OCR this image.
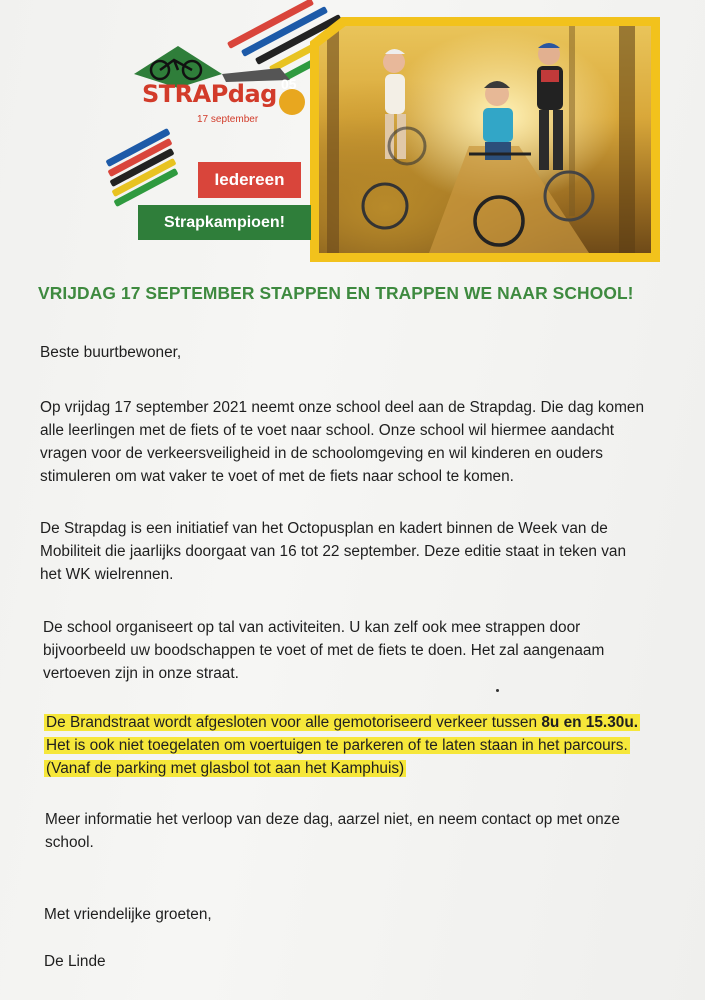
STRAPdag 05
17 september
Iedereen
Strapkampioen!
VRIJDAG 17 SEPTEMBER STAPPEN EN TRAPPEN WE NAAR SCHOOL!
Beste buurtbewoner,
Op vrijdag 17 september 2021 neemt onze school deel aan de Strapdag. Die dag komen
alle leerlingen met de fiets of te voet naar school. Onze school wil hiermee aandacht
vragen voor de verkeersveiligheid in de schoolomgeving en wil kinderen en ouders
stimuleren om wat vaker te voet of met de fiets naar school te komen.
De Strapdag is een initiatief van het Octopusplan en kadert binnen de Week van de
Mobiliteit die jaarlijks doorgaat van 16 tot 22 september. Deze editie staat in teken van
het WK wielrennen.
De school organiseert op tal van activiteiten. U kan zelf ook mee strappen door
bijvoorbeeld uw boodschappen te voet of met de fiets te doen. Het zal aangenaam
vertoeven zijn in onze straat.
De Brandstraat wordt afgesloten voor alle gemotoriseerd verkeer tussen 8u en 15.30u.
Het is ook niet toegelaten om voertuigen te parkeren of te laten staan in het parcours.
(Vanaf de parking met glasbol tot aan het Kamphuis)
Meer informatie het verloop van deze dag, aarzel niet, en neem contact op met onze
school.
Met vriendelijke groeten,
De Linde
